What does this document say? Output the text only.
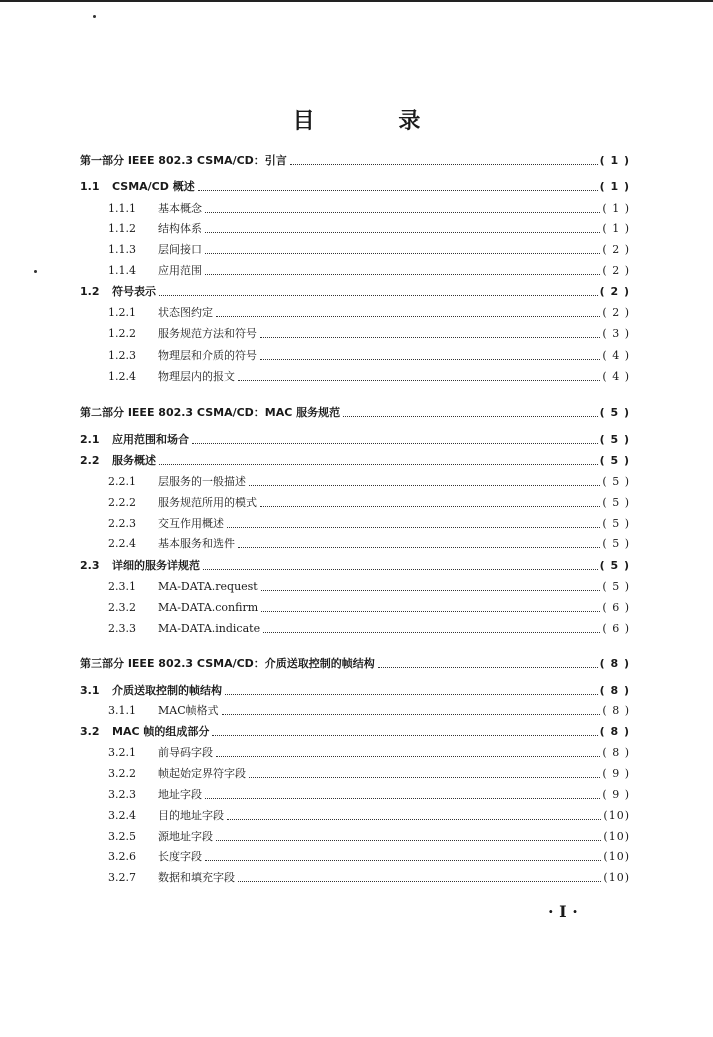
目 录
第一部分 IEEE 802.3 CSMA/CD：引言	( 1 )
1.1	CSMA/CD 概述	( 1 )
1.1.1	基本概念	( 1 )
1.1.2	结构体系	( 1 )
1.1.3	层间接口	( 2 )
1.1.4	应用范围	( 2 )
1.2	符号表示	( 2 )
1.2.1	状态图约定	( 2 )
1.2.2	服务规范方法和符号	( 3 )
1.2.3	物理层和介质的符号	( 4 )
1.2.4	物理层内的报文	( 4 )
第二部分 IEEE 802.3 CSMA/CD：MAC 服务规范	( 5 )
2.1	应用范围和场合	( 5 )
2.2	服务概述	( 5 )
2.2.1	层服务的一般描述	( 5 )
2.2.2	服务规范所用的模式	( 5 )
2.2.3	交互作用概述	( 5 )
2.2.4	基本服务和选件	( 5 )
2.3	详细的服务详规范	( 5 )
2.3.1	MA-DATA.request	( 5 )
2.3.2	MA-DATA.confirm	( 6 )
2.3.3	MA-DATA.indicate	( 6 )
第三部分 IEEE 802.3 CSMA/CD：介质送取控制的帧结构	( 8 )
3.1	介质送取控制的帧结构	( 8 )
3.1.1	MAC帧格式	( 8 )
3.2	MAC 帧的组成部分	( 8 )
3.2.1	前导码字段	( 8 )
3.2.2	帧起始定界符字段	( 9 )
3.2.3	地址字段	( 9 )
3.2.4	目的地址字段	(10)
3.2.5	源地址字段	(10)
3.2.6	长度字段	(10)
3.2.7	数据和填充字段	(10)
· I ·
